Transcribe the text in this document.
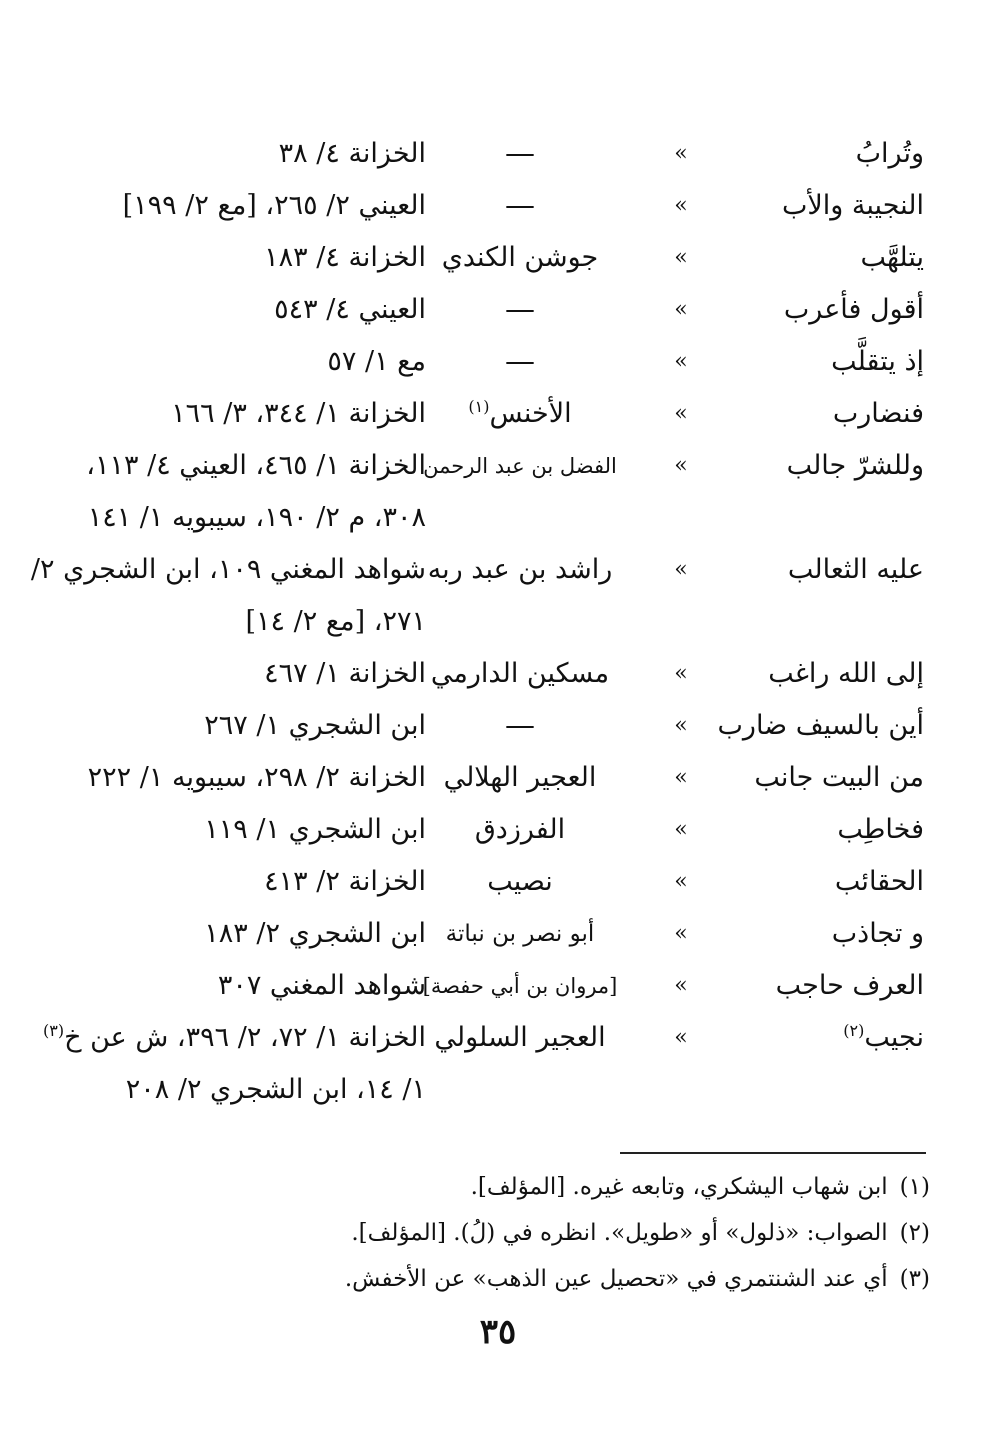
وتُرابُ
»
—
الخزانة ٤/ ٣٨
النجيبة والأب
»
—
العيني ٢/ ٢٦٥، [مع ٢/ ١٩٩]
يتلهَّب
»
جوشن الكندي
الخزانة ٤/ ١٨٣
أقول فأعرب
»
—
العيني ٤/ ٥٤٣
إذ يتقلَّب
»
—
مع ١/ ٥٧
فنضارب
»
الأخنس$^{(١)}$
الخزانة ١/ ٣٤٤، ٣/ ١٦٦
وللشرّ جالب
»
الفضل بن عبد الرحمن
الخزانة ١/ ٤٦٥، العيني ٤/ ١١٣، ٣٠٨، م ٢/ ١٩٠، سيبويه ١/ ١٤١
عليه الثعالب
»
راشد بن عبد ربه
شواهد المغني ١٠٩، ابن الشجري ٢/ ٢٧١، [مع ٢/ ١٤]
إلى الله راغب
»
مسكين الدارمي
الخزانة ١/ ٤٦٧
أين بالسيف ضارب
»
—
ابن الشجري ١/ ٢٦٧
من البيت جانب
»
العجير الهلالي
الخزانة ٢/ ٢٩٨، سيبويه ١/ ٢٢٢
فخاطِب
»
الفرزدق
ابن الشجري ١/ ١١٩
الحقائب
»
نصيب
الخزانة ٢/ ٤١٣
و تجاذب
»
أبو نصر بن نباتة
ابن الشجري ٢/ ١٨٣
العرف حاجب
»
[مروان بن أبي حفصة]
شواهد المغني ٣٠٧
نجيب$^{(٢)}$
»
العجير السلولي
الخزانة ١/ ٧٢، ٢/ ٣٩٦، ش عن خ$^{(٣)}$ ١/ ١٤، ابن الشجري ٢/ ٢٠٨
(١)ابن شهاب اليشكري، وتابعه غيره. [المؤلف].
(٢)الصواب: «ذلول» أو «طويل». انظره في (لُ). [المؤلف].
(٣)أي عند الشنتمري في «تحصيل عين الذهب» عن الأخفش.
٣٥
